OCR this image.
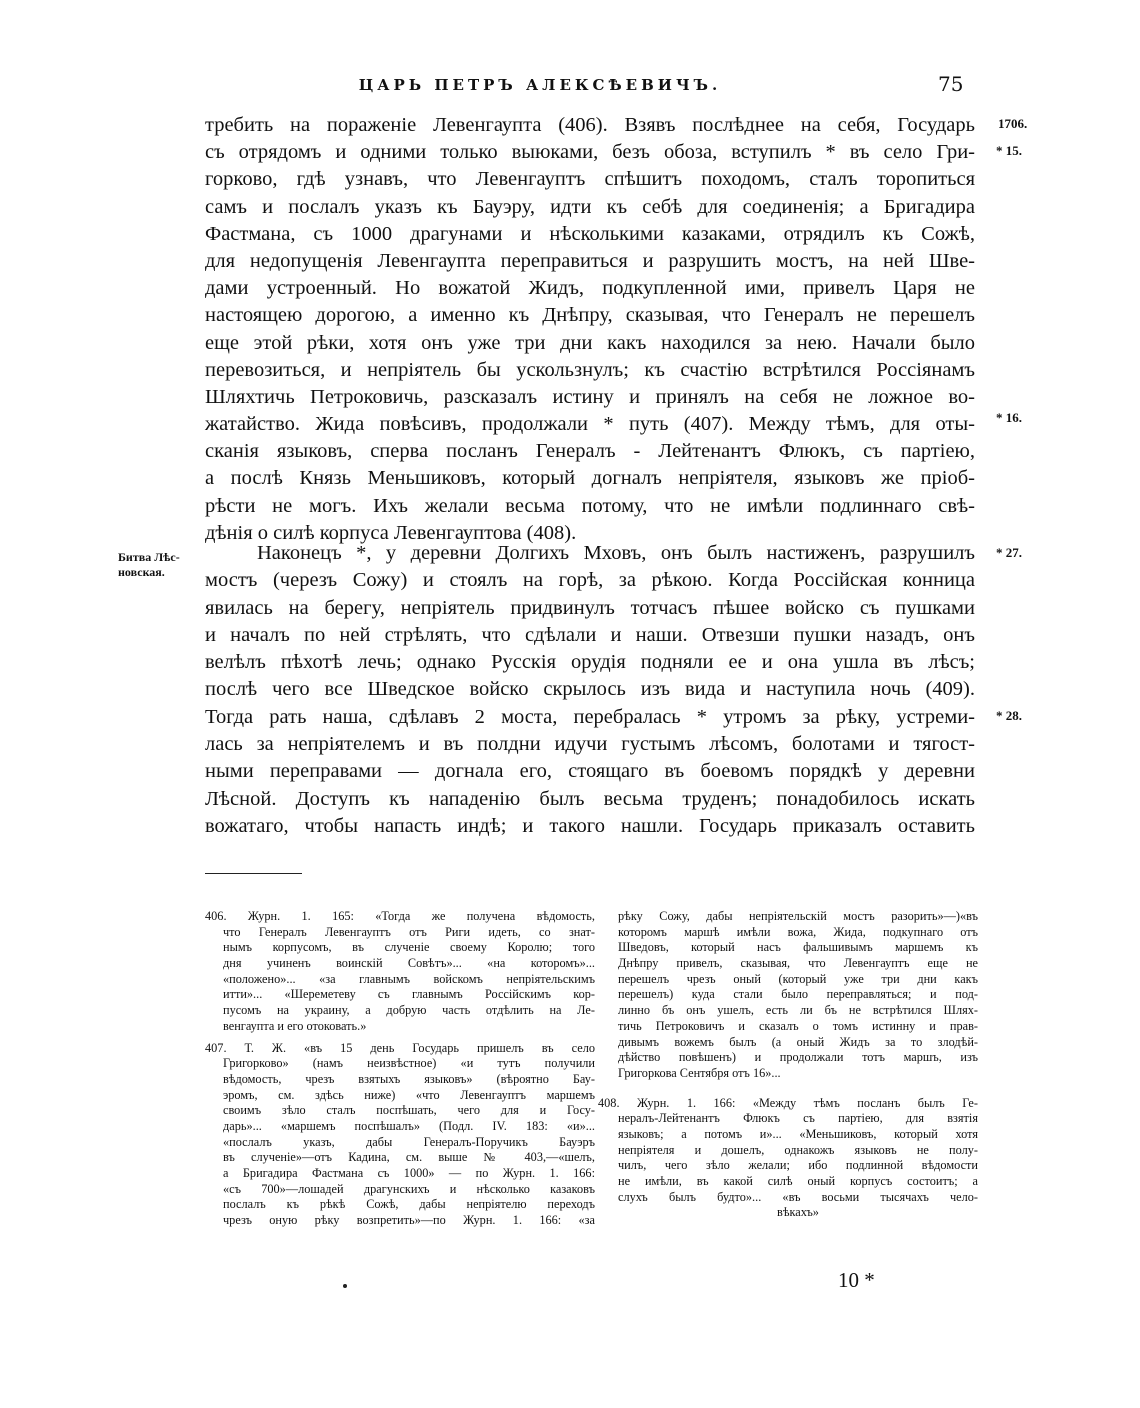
ЦАРЬ ПЕТРЪ АЛЕКСѢЕВИЧЪ.	75
1706.
* 15.
* 16.
* 27.
* 28.
Битва Лѣс-
новская.
требить на пораженіе Левенгаупта (406). Взявъ послѣднее на себя, Государь
съ отрядомъ и одними только выюками, безъ обоза, вступилъ * въ село Гри-
горково, гдѣ узнавъ, что Левенгауптъ спѣшитъ походомъ, сталъ торопиться
самъ и послалъ указъ къ Бауэру, идти къ себѣ для соединенія; а Бригадира
Фастмана, съ 1000 драгунами и нѣсколькими казаками, отрядилъ къ Сожѣ,
для недопущенія Левенгаупта переправиться и разрушить мостъ, на ней Шве-
дами устроенный. Но вожатой Жидъ, подкупленной ими, привелъ Царя не
настоящею дорогою, а именно къ Днѣпру, сказывая, что Генералъ не перешелъ
еще этой рѣки, хотя онъ уже три дни какъ находился за нею. Начали было
перевозиться, и непріятель бы ускользнулъ; къ счастію встрѣтился Россіянамъ
Шляхтичь Петроковичь, разсказалъ истину и принялъ на себя не ложное во-
жатайство. Жида повѣсивъ, продолжали * путь (407). Между тѣмъ, для оты-
сканія языковъ, сперва посланъ Генералъ - Лейтенантъ Флюкъ, съ партіею,
а послѣ Князь Меньшиковъ, который догналъ непріятеля, языковъ же пріоб-
рѣсти не могъ. Ихъ желали весьма потому, что не имѣли подлиннаго свѣ-
дѣнія о силѣ корпуса Левенгауптова (408).
Наконецъ *, у деревни Долгихъ Мховъ, онъ былъ настиженъ, разрушилъ
мостъ (черезъ Сожу) и стоялъ на горѣ, за рѣкою. Когда Россійская конница
явилась на берегу, непріятель придвинулъ тотчасъ пѣшее войско съ пушками
и началъ по ней стрѣлять, что сдѣлали и наши. Отвезши пушки назадъ, онъ
велѣлъ пѣхотѣ лечь; однако Русскія орудія подняли ее и она ушла въ лѣсъ;
послѣ чего все Шведское войско скрылось изъ вида и наступила ночь (409).
Тогда рать наша, сдѣлавъ 2 моста, перебралась * утромъ за рѣку, устреми-
лась за непріятелемъ и въ полдни идучи густымъ лѣсомъ, болотами и тягост-
ными переправами — догнала его, стоящаго въ боевомъ порядкѣ у деревни
Лѣсной. Доступъ къ нападенію былъ весьма труденъ; понадобилось искать
вожатаго, чтобы напасть индѣ; и такого нашли. Государь приказалъ оставить
406. Журн. 1. 165: «Тогда же получена вѣдомость,
что Генералъ Левенгауптъ отъ Риги идеть, со знат-
нымъ корпусомъ, въ слученіе своему Королю; того
дня учиненъ воинскій Совѣтъ»... «на которомъ»...
«положено»... «за главнымъ войскомъ непріятельскимъ
итти»... «Шереметеву съ главнымъ Россійскимъ кор-
пусомъ на украину, а добрую часть отдѣлить на Ле-
венгаупта и его отоковать.»
407. Т. Ж. «въ 15 день Государь пришелъ въ село
Григорково» (намъ неизвѣстное) «и тутъ получили
вѣдомость, чрезъ взятыхъ языковъ» (вѣроятно Бау-
эромъ, см. здѣсь ниже) «что Левенгауптъ маршемъ
своимъ зѣло сталъ поспѣшать, чего для и Госу-
дарь»... «маршемъ поспѣшалъ» (Подл. IV. 183: «и»...
«послалъ указъ, дабы Генералъ-Поручикъ Бауэръ
въ слученіе»—отъ Кадина, см. выше № 403,—«шелъ,
а Бригадира Фастмана съ 1000» — по Журн. 1. 166:
«съ 700»—лошадей драгунскихъ и нѣсколько казаковъ
послалъ къ рѣкѣ Сожѣ, дабы непріятелю переходъ
чрезъ оную рѣку возпретить»—по Журн. 1. 166: «за
рѣку Сожу, дабы непріятельскій мостъ разорить»—)«въ
которомъ маршѣ имѣли вожа, Жида, подкупнаго отъ
Шведовъ, который насъ фальшивымъ маршемъ къ
Днѣпру привелъ, сказывая, что Левенгауптъ еще не
перешелъ чрезъ оный (который уже три дни какъ
перешелъ) куда стали было переправляться; и под-
линно бъ онъ ушелъ, есть ли бъ не встрѣтился Шлях-
тичь Петроковичъ и сказалъ о томъ истинну и прав-
дивымъ вожемъ былъ (а оный Жидъ за то злодѣй-
дѣйство повѣшенъ) и продолжали тотъ маршъ, изъ
Григоркова Сентября отъ 16»...
408. Журн. 1. 166: «Между тѣмъ посланъ былъ Ге-
нералъ-Лейтенантъ Флюкъ съ партіею, для взятія
языковъ; а потомъ и»... «Меньшиковъ, который хотя
непріятеля и дошелъ, однакожъ языковъ не полу-
чилъ, чего зѣло желали; ибо подлинной вѣдомости
не имѣли, въ какой силѣ оный корпусъ состоитъ; а
слухъ былъ будто»... «въ восьми тысячахъ чело-
вѣкахъ»
10 *
